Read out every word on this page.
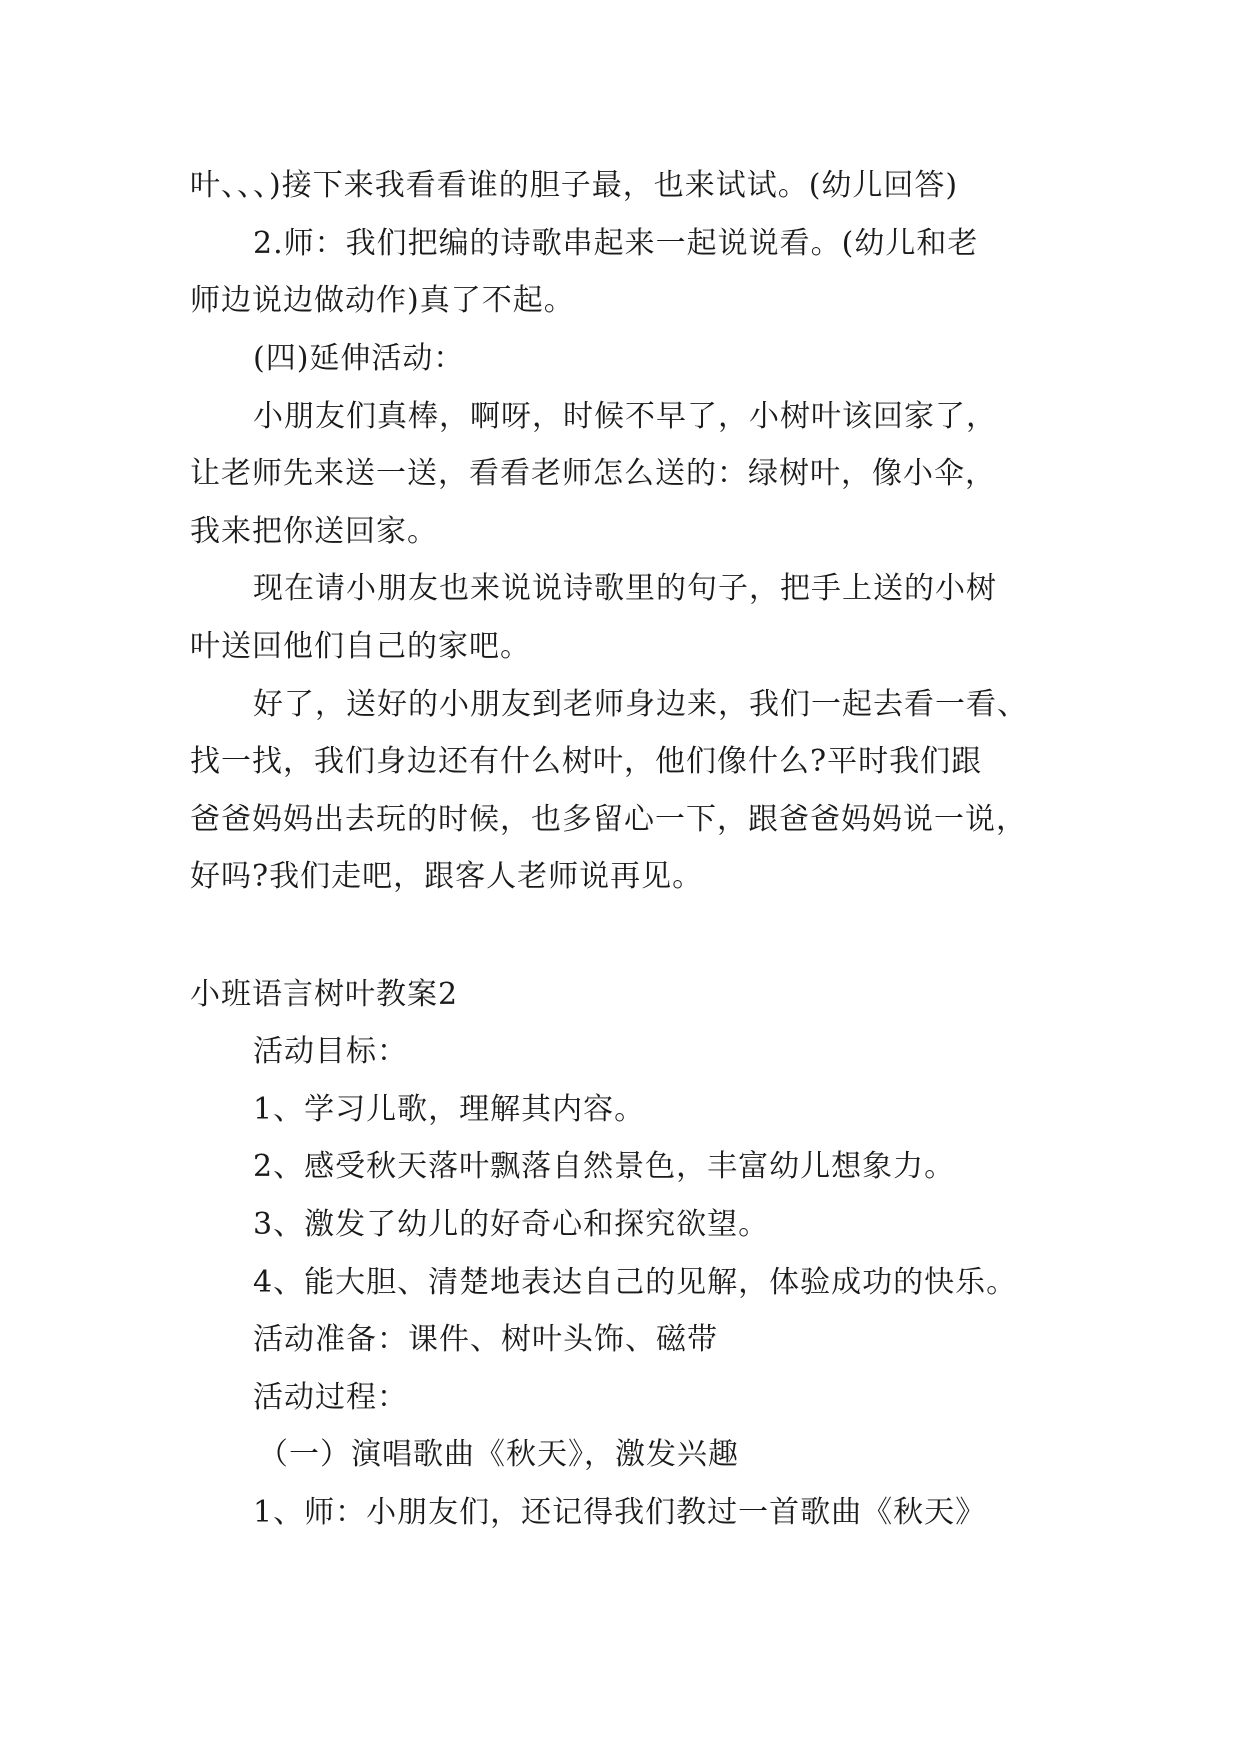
叶、、、)接下来我看看谁的胆子最，也来试试。(幼儿回答)
2.师：我们把编的诗歌串起来一起说说看。(幼儿和老
师边说边做动作)真了不起。
(四)延伸活动：
小朋友们真棒，啊呀，时候不早了，小树叶该回家了，
让老师先来送一送，看看老师怎么送的：绿树叶，像小伞，
我来把你送回家。
现在请小朋友也来说说诗歌里的句子，把手上送的小树
叶送回他们自己的家吧。
好了，送好的小朋友到老师身边来，我们一起去看一看、
找一找，我们身边还有什么树叶，他们像什么?平时我们跟
爸爸妈妈出去玩的时候，也多留心一下，跟爸爸妈妈说一说，
好吗?我们走吧，跟客人老师说再见。
小班语言树叶教案2
活动目标：
1、学习儿歌，理解其内容。
2、感受秋天落叶飘落自然景色，丰富幼儿想象力。
3、激发了幼儿的好奇心和探究欲望。
4、能大胆、清楚地表达自己的见解，体验成功的快乐。
活动准备：课件、树叶头饰、磁带
活动过程：
（一）演唱歌曲《秋天》，激发兴趣
1、师：小朋友们，还记得我们教过一首歌曲《秋天》
